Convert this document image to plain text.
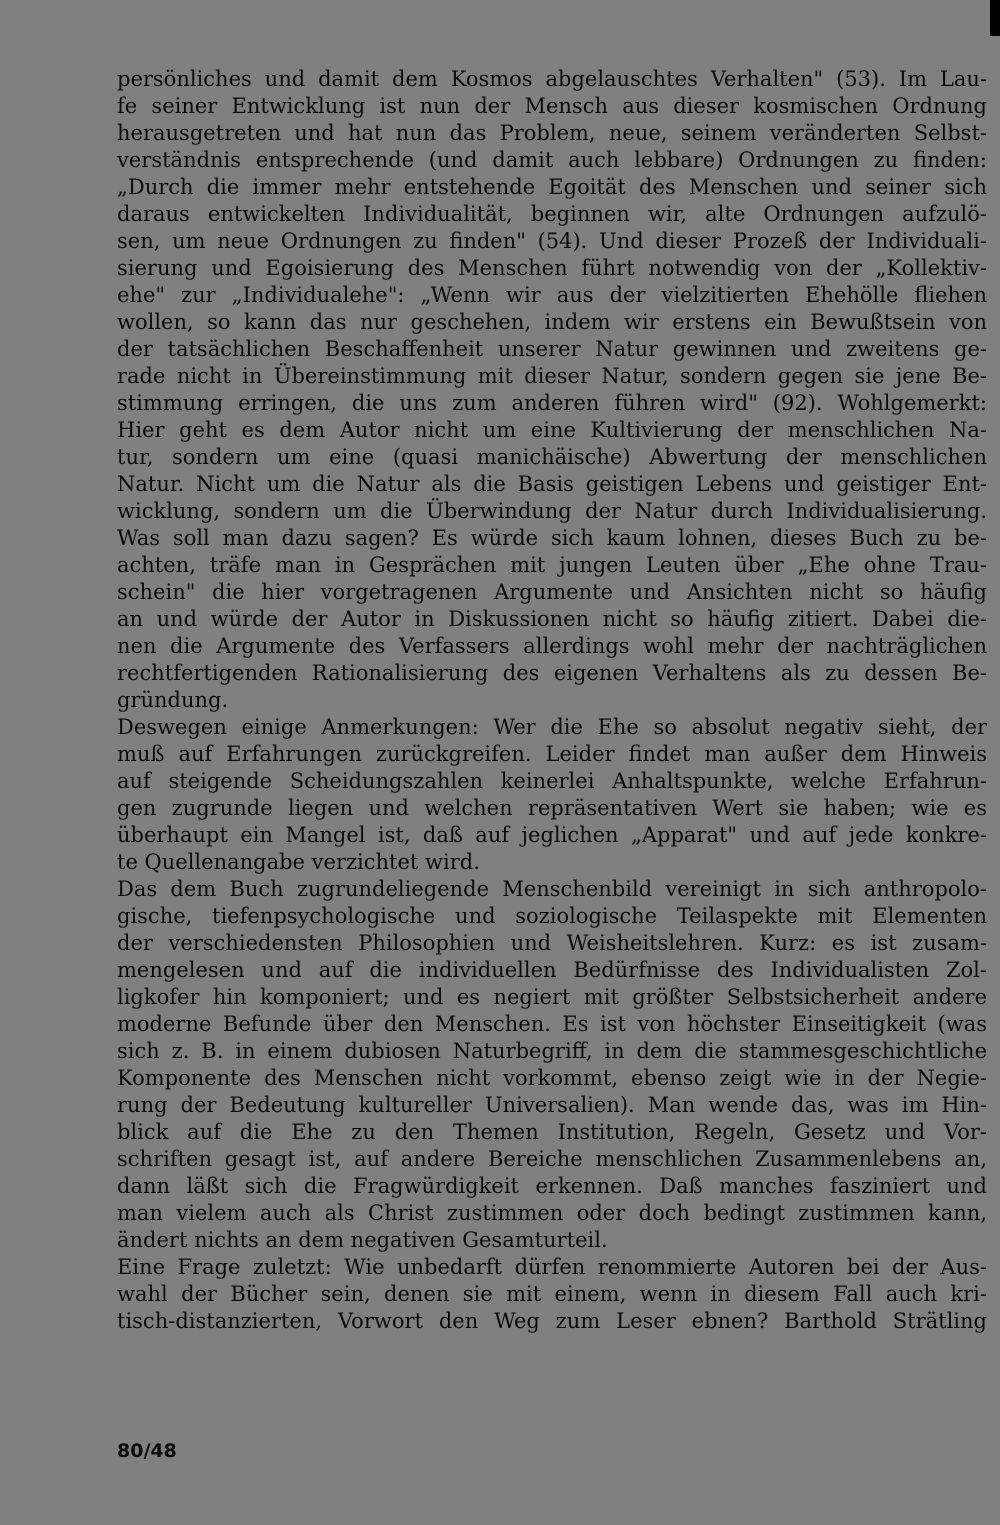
persönliches und damit dem Kosmos abgelauschtes Verhalten" (53). Im Lau-
fe seiner Entwicklung ist nun der Mensch aus dieser kosmischen Ordnung
herausgetreten und hat nun das Problem, neue, seinem veränderten Selbst-
verständnis entsprechende (und damit auch lebbare) Ordnungen zu finden:
„Durch die immer mehr entstehende Egoität des Menschen und seiner sich
daraus entwickelten Individualität, beginnen wir, alte Ordnungen aufzulö-
sen, um neue Ordnungen zu finden" (54). Und dieser Prozeß der Individuali-
sierung und Egoisierung des Menschen führt notwendig von der „Kollektiv-
ehe" zur „Individualehe": „Wenn wir aus der vielzitierten Ehehölle fliehen
wollen, so kann das nur geschehen, indem wir erstens ein Bewußtsein von
der tatsächlichen Beschaffenheit unserer Natur gewinnen und zweitens ge-
rade nicht in Übereinstimmung mit dieser Natur, sondern gegen sie jene Be-
stimmung erringen, die uns zum anderen führen wird" (92). Wohlgemerkt:
Hier geht es dem Autor nicht um eine Kultivierung der menschlichen Na-
tur, sondern um eine (quasi manichäische) Abwertung der menschlichen
Natur. Nicht um die Natur als die Basis geistigen Lebens und geistiger Ent-
wicklung, sondern um die Überwindung der Natur durch Individualisierung.
Was soll man dazu sagen? Es würde sich kaum lohnen, dieses Buch zu be-
achten, träfe man in Gesprächen mit jungen Leuten über „Ehe ohne Trau-
schein" die hier vorgetragenen Argumente und Ansichten nicht so häufig
an und würde der Autor in Diskussionen nicht so häufig zitiert. Dabei die-
nen die Argumente des Verfassers allerdings wohl mehr der nachträglichen
rechtfertigenden Rationalisierung des eigenen Verhaltens als zu dessen Be-
gründung.
Deswegen einige Anmerkungen: Wer die Ehe so absolut negativ sieht, der
muß auf Erfahrungen zurückgreifen. Leider findet man außer dem Hinweis
auf steigende Scheidungszahlen keinerlei Anhaltspunkte, welche Erfahrun-
gen zugrunde liegen und welchen repräsentativen Wert sie haben; wie es
überhaupt ein Mangel ist, daß auf jeglichen „Apparat" und auf jede konkre-
te Quellenangabe verzichtet wird.
Das dem Buch zugrundeliegende Menschenbild vereinigt in sich anthropolo-
gische, tiefenpsychologische und soziologische Teilaspekte mit Elementen
der verschiedensten Philosophien und Weisheitslehren. Kurz: es ist zusam-
mengelesen und auf die individuellen Bedürfnisse des Individualisten Zol-
ligkofer hin komponiert; und es negiert mit größter Selbstsicherheit andere
moderne Befunde über den Menschen. Es ist von höchster Einseitigkeit (was
sich z. B. in einem dubiosen Naturbegriff, in dem die stammesgeschichtliche
Komponente des Menschen nicht vorkommt, ebenso zeigt wie in der Negie-
rung der Bedeutung kultureller Universalien). Man wende das, was im Hin-
blick auf die Ehe zu den Themen Institution, Regeln, Gesetz und Vor-
schriften gesagt ist, auf andere Bereiche menschlichen Zusammenlebens an,
dann läßt sich die Fragwürdigkeit erkennen. Daß manches fasziniert und
man vielem auch als Christ zustimmen oder doch bedingt zustimmen kann,
ändert nichts an dem negativen Gesamturteil.
Eine Frage zuletzt: Wie unbedarft dürfen renommierte Autoren bei der Aus-
wahl der Bücher sein, denen sie mit einem, wenn in diesem Fall auch kri-
tisch-distanzierten, Vorwort den Weg zum Leser ebnen? Barthold Strätling
80/48
